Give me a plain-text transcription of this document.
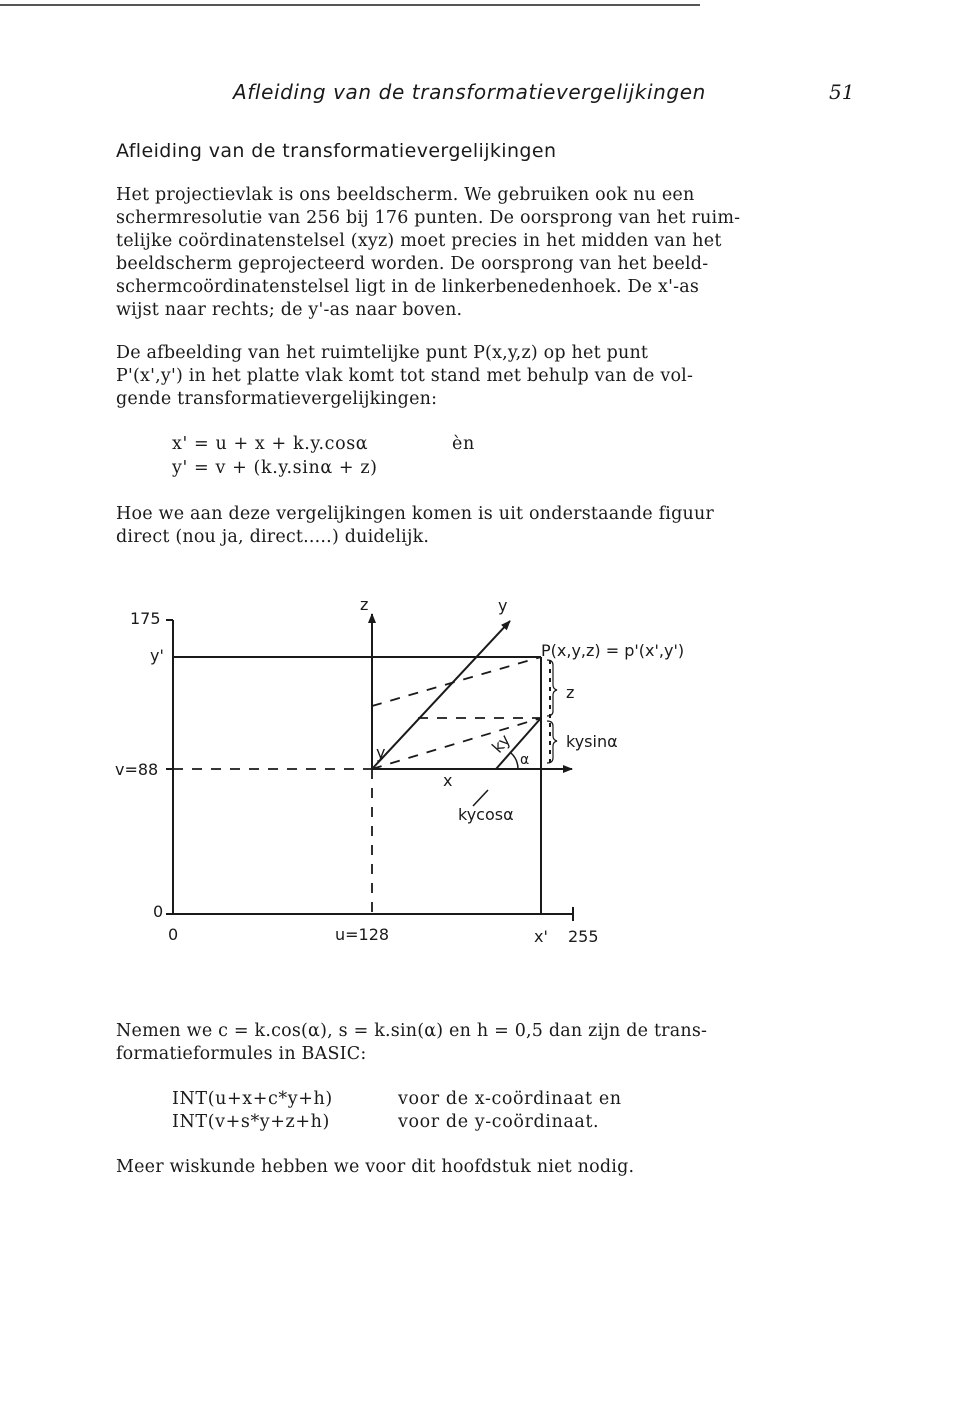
Afleiding van de transformatievergelijkingen	51
Afleiding van de transformatievergelijkingen
Het projectievlak is ons beeldscherm. We gebruiken ook nu een
schermresolutie van 256 bij 176 punten. De oorsprong van het ruim-
telijke coördinatenstelsel (xyz) moet precies in het midden van het
beeldscherm geprojecteerd worden. De oorsprong van het beeld-
schermcoördinatenstelsel ligt in de linkerbenedenhoek. De x'-as
wijst naar rechts; de y'-as naar boven.
De afbeelding van het ruimtelijke punt P(x,y,z) op het punt
P'(x',y') in het platte vlak komt tot stand met behulp van de vol-
gende transformatievergelijkingen:
x' = u + x + k.y.cosα	èn
y' = v + (k.y.sinα + z)
Hoe we aan deze vergelijkingen komen is uit onderstaande figuur
direct (nou ja, direct.....) duidelijk.
175
y'
v=88
0
0	u=128	x' 255
z	y
P(x,y,z) = p'(x',y')
z
kysinα
x
y	ky
α
kycosα
Nemen we c = k.cos(α), s = k.sin(α) en h = 0,5 dan zijn de trans-
formatieformules in BASIC:
INT(u+x+c*y+h)	voor de x-coördinaat en
INT(v+s*y+z+h)	voor de y-coördinaat.
Meer wiskunde hebben we voor dit hoofdstuk niet nodig.
